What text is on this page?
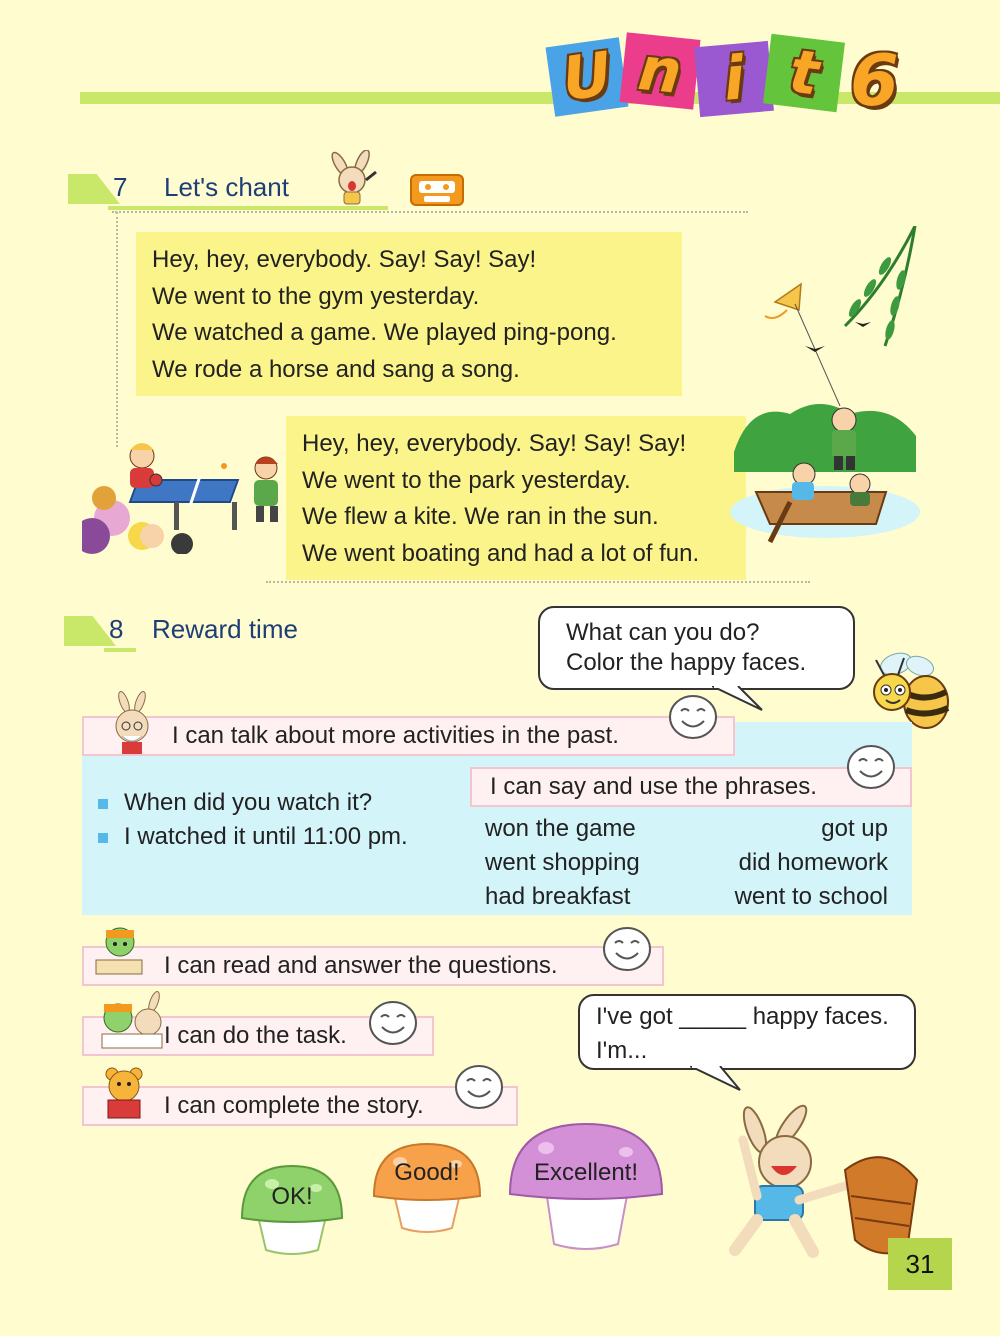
U n i t 6
7 Let's chant
Hey, hey, everybody. Say! Say! Say!
We went to the gym yesterday.
We watched a game. We played ping-pong.
We rode a horse and sang a song.
Hey, hey, everybody. Say! Say! Say!
We went to the park yesterday.
We flew a kite. We ran in the sun.
We went boating and had a lot of fun.
8 Reward time	What can you do?
Color the happy faces.
I can talk about more activities in the past.
When did you watch it?
I watched it until 11:00 pm.
I can say and use the phrases.
won the game
went shopping
had breakfast
got up
did homework
went to school
I can read and answer the questions.
I can do the task.
I can complete the story.
I've got _____ happy faces.
I'm...
OK!
Good!	Excellent!
31
